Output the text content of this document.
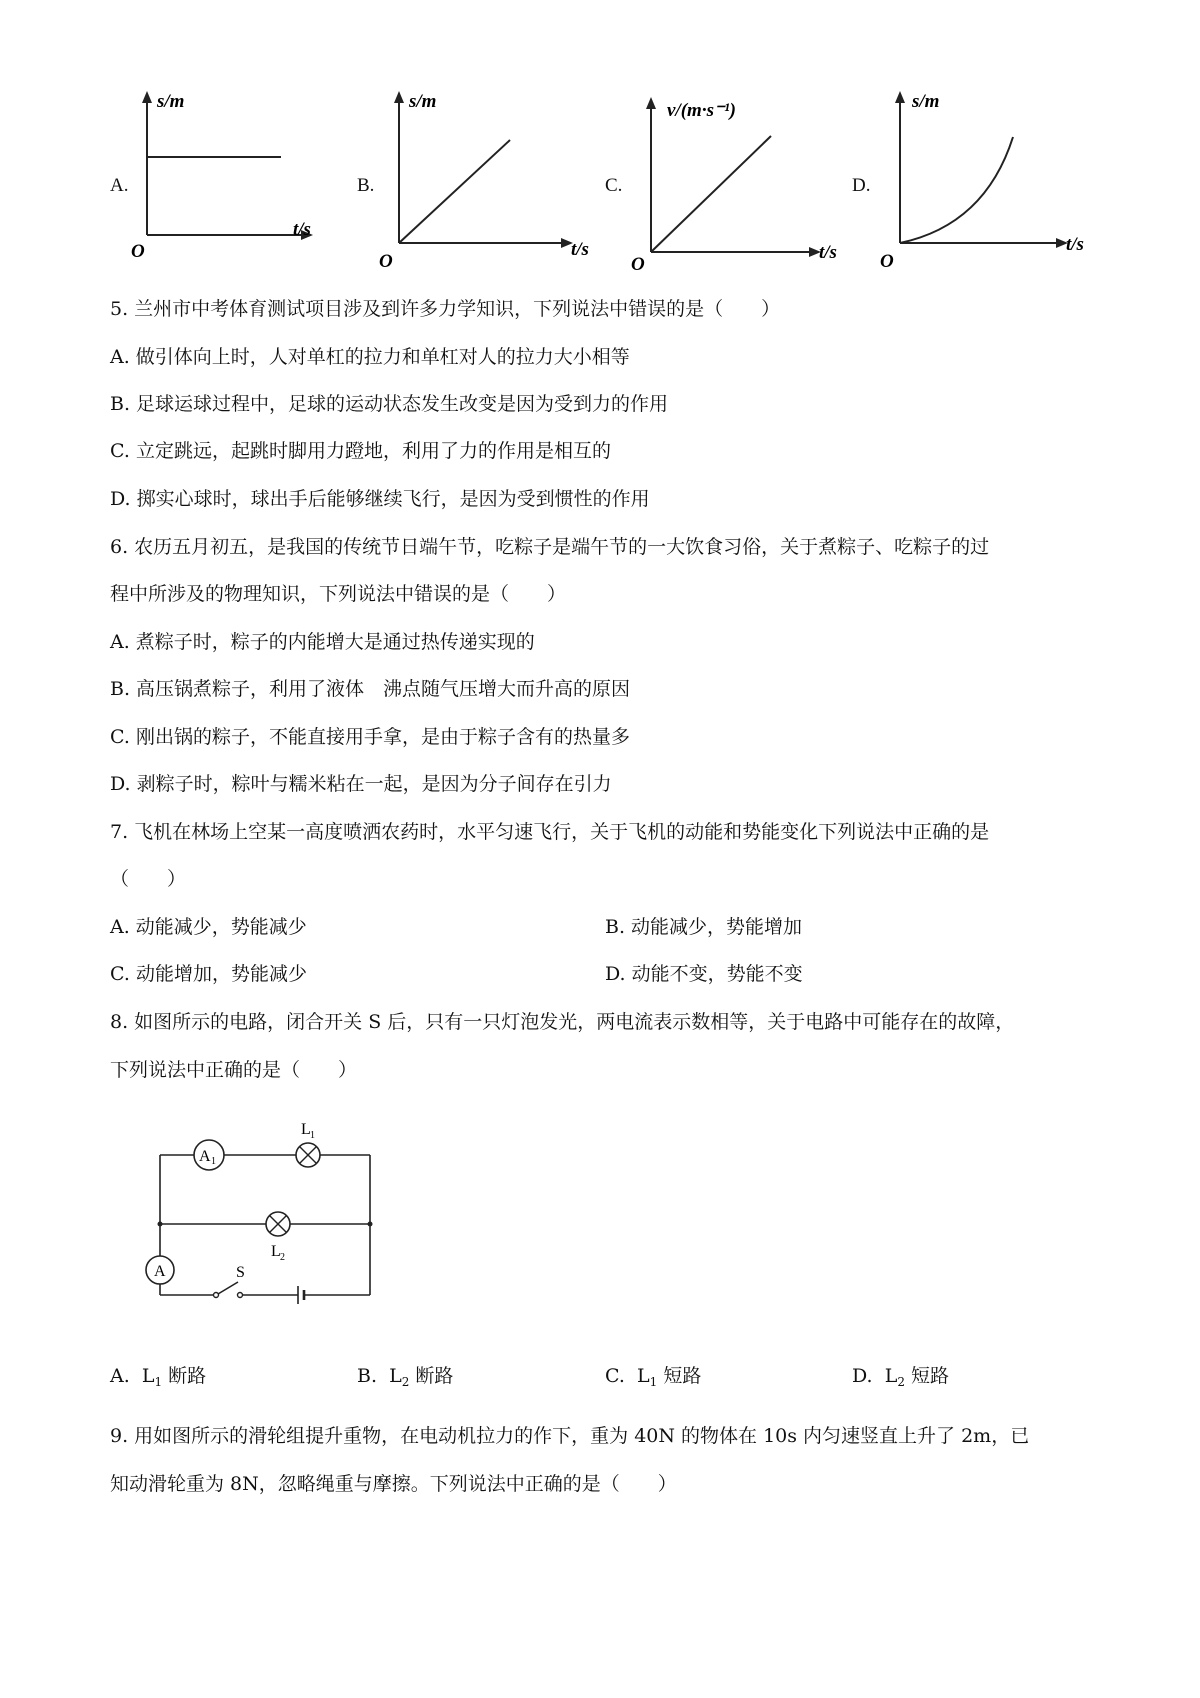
A.
s/m
t/s
O
B.
s/m
t/s
O
C.
v/(m·s⁻¹)
t/s
O
D.
s/m
t/s
O
5. 兰州市中考体育测试项目涉及到许多力学知识，下列说法中错误的是（　　）
A. 做引体向上时，人对单杠的拉力和单杠对人的拉力大小相等
B. 足球运球过程中，足球的运动状态发生改变是因为受到力的作用
C. 立定跳远，起跳时脚用力蹬地，利用了力的作用是相互的
D. 掷实心球时，球出手后能够继续飞行，是因为受到惯性的作用
6. 农历五月初五，是我国的传统节日端午节，吃粽子是端午节的一大饮食习俗，关于煮粽子、吃粽子的过
程中所涉及的物理知识，下列说法中错误的是（　　）
A. 煮粽子时，粽子的内能增大是通过热传递实现的
B. 高压锅煮粽子，利用了液体　沸点随气压增大而升高的原因
C. 刚出锅的粽子，不能直接用手拿，是由于粽子含有的热量多
D. 剥粽子时，粽叶与糯米粘在一起，是因为分子间存在引力
7. 飞机在林场上空某一高度喷洒农药时，水平匀速飞行，关于飞机的动能和势能变化下列说法中正确的是
（　　）
A. 动能减少，势能减少	B. 动能减少，势能增加
C. 动能增加，势能减少	D. 动能不变，势能不变
8. 如图所示的电路，闭合开关 S 后，只有一只灯泡发光，两电流表示数相等，关于电路中可能存在的故障，
下列说法中正确的是（　　）
A 1
L 1
L 2
A	S
A. $L_1$ 断路	B. $L_2$ 断路	C. $L_1$ 短路	D. $L_2$ 短路
9. 用如图所示的滑轮组提升重物，在电动机拉力的作下，重为 40N 的物体在 10s 内匀速竖直上升了 2m，已
知动滑轮重为 8N，忽略绳重与摩擦。下列说法中正确的是（　　）
